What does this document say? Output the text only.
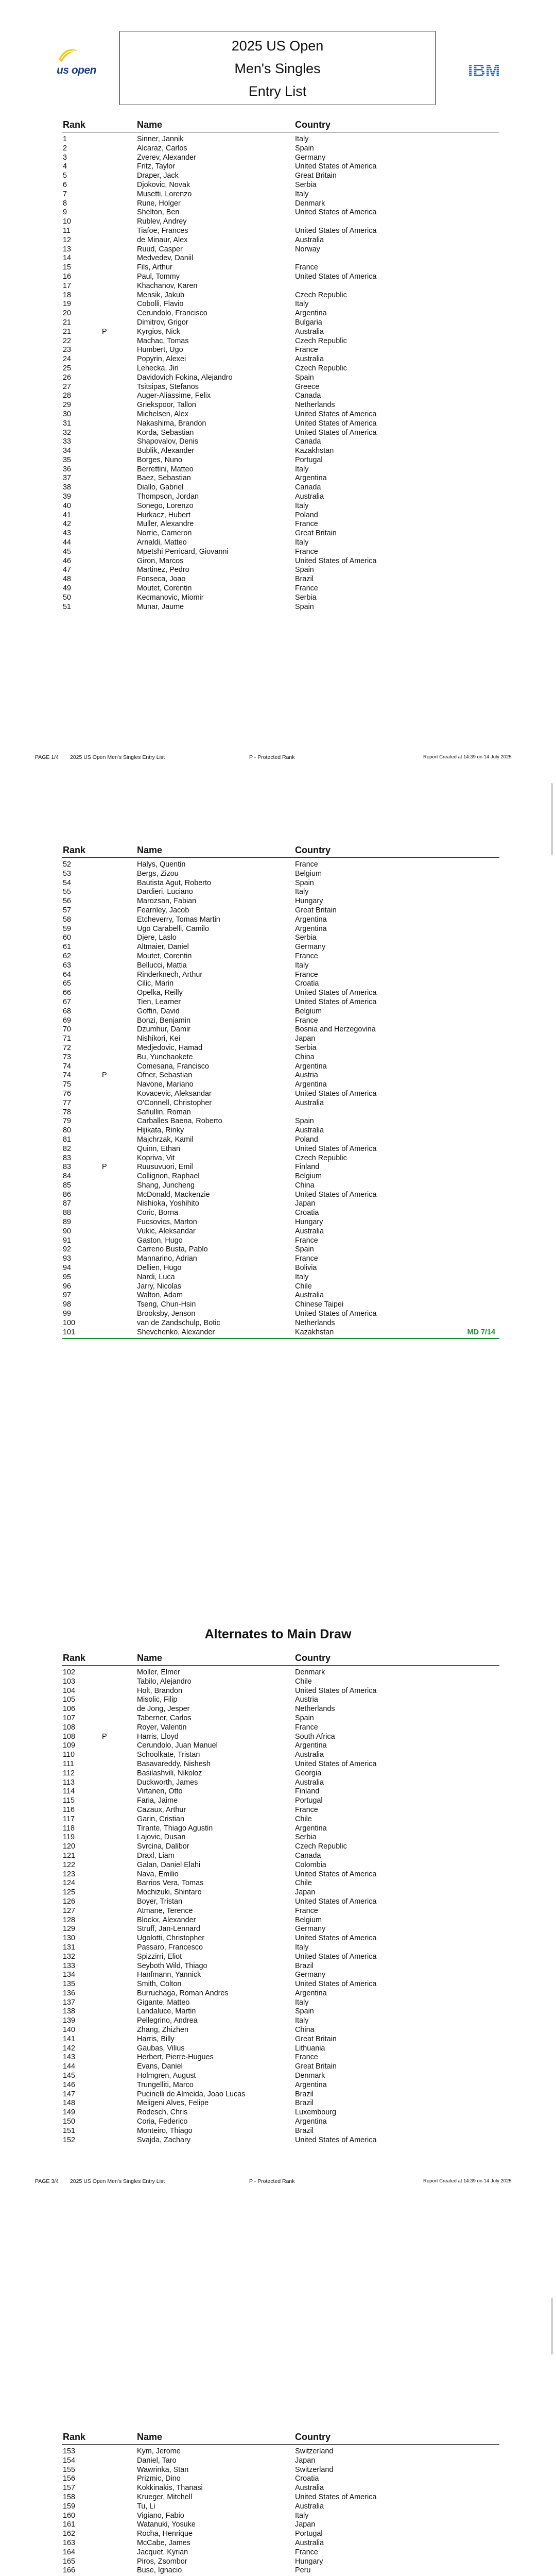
us open
2025 US Open
Men's Singles
Entry List
IBM
Rank	Name	Country
1	Sinner, Jannik	Italy
2	Alcaraz, Carlos	Spain
3	Zverev, Alexander	Germany
4	Fritz, Taylor	United States of America
5	Draper, Jack	Great Britain
6	Djokovic, Novak	Serbia
7	Musetti, Lorenzo	Italy
8	Rune, Holger	Denmark
9	Shelton, Ben	United States of America
10	Rublev, Andrey
11	Tiafoe, Frances	United States of America
12	de Minaur, Alex	Australia
13	Ruud, Casper	Norway
14	Medvedev, Daniil
15	Fils, Arthur	France
16	Paul, Tommy	United States of America
17	Khachanov, Karen
18	Mensik, Jakub	Czech Republic
19	Cobolli, Flavio	Italy
20	Cerundolo, Francisco	Argentina
21	Dimitrov, Grigor	Bulgaria
21	P	Kyrgios, Nick	Australia
22	Machac, Tomas	Czech Republic
23	Humbert, Ugo	France
24	Popyrin, Alexei	Australia
25	Lehecka, Jiri	Czech Republic
26	Davidovich Fokina, Alejandro	Spain
27	Tsitsipas, Stefanos	Greece
28	Auger-Aliassime, Felix	Canada
29	Griekspoor, Tallon	Netherlands
30	Michelsen, Alex	United States of America
31	Nakashima, Brandon	United States of America
32	Korda, Sebastian	United States of America
33	Shapovalov, Denis	Canada
34	Bublik, Alexander	Kazakhstan
35	Borges, Nuno	Portugal
36	Berrettini, Matteo	Italy
37	Baez, Sebastian	Argentina
38	Diallo, Gabriel	Canada
39	Thompson, Jordan	Australia
40	Sonego, Lorenzo	Italy
41	Hurkacz, Hubert	Poland
42	Muller, Alexandre	France
43	Norrie, Cameron	Great Britain
44	Arnaldi, Matteo	Italy
45	Mpetshi Perricard, Giovanni	France
46	Giron, Marcos	United States of America
47	Martinez, Pedro	Spain
48	Fonseca, Joao	Brazil
49	Moutet, Corentin	France
50	Kecmanovic, Miomir	Serbia
51	Munar, Jaume	Spain
PAGE 1/4 2025 US Open Men's Singles Entry List	P - Protected Rank	Report Created at 14:39 on 14 July 2025
Rank	Name	Country
52	Halys, Quentin	France
53	Bergs, Zizou	Belgium
54	Bautista Agut, Roberto	Spain
55	Dardieri, Luciano	Italy
56	Marozsan, Fabian	Hungary
57	Fearnley, Jacob	Great Britain
58	Etcheverry, Tomas Martin	Argentina
59	Ugo Carabelli, Camilo	Argentina
60	Djere, Laslo	Serbia
61	Altmaier, Daniel	Germany
62	Moutet, Corentin	France
63	Bellucci, Mattia	Italy
64	Rinderknech, Arthur	France
65	Cilic, Marin	Croatia
66	Opelka, Reilly	United States of America
67	Tien, Learner	United States of America
68	Goffin, David	Belgium
69	Bonzi, Benjamin	France
70	Dzumhur, Damir	Bosnia and Herzegovina
71	Nishikori, Kei	Japan
72	Medjedovic, Hamad	Serbia
73	Bu, Yunchaokete	China
74	Comesana, Francisco	Argentina
74	P	Ofner, Sebastian	Austria
75	Navone, Mariano	Argentina
76	Kovacevic, Aleksandar	United States of America
77	O'Connell, Christopher	Australia
78	Safiullin, Roman
79	Carballes Baena, Roberto	Spain
80	Hijikata, Rinky	Australia
81	Majchrzak, Kamil	Poland
82	Quinn, Ethan	United States of America
83	Kopriva, Vit	Czech Republic
83	P	Ruusuvuori, Emil	Finland
84	Collignon, Raphael	Belgium
85	Shang, Juncheng	China
86	McDonald, Mackenzie	United States of America
87	Nishioka, Yoshihito	Japan
88	Coric, Borna	Croatia
89	Fucsovics, Marton	Hungary
90	Vukic, Aleksandar	Australia
91	Gaston, Hugo	France
92	Carreno Busta, Pablo	Spain
93	Mannarino, Adrian	France
94	Dellien, Hugo	Bolivia
95	Nardi, Luca	Italy
96	Jarry, Nicolas	Chile
97	Walton, Adam	Australia
98	Tseng, Chun-Hsin	Chinese Taipei
99	Brooksby, Jenson	United States of America
100	van de Zandschulp, Botic	Netherlands
101	Shevchenko, Alexander	Kazakhstan	MD 7/14
Alternates to Main Draw
Rank	Name	Country
102	Moller, Elmer	Denmark
103	Tabilo, Alejandro	Chile
104	Holt, Brandon	United States of America
105	Misolic, Filip	Austria
106	de Jong, Jesper	Netherlands
107	Taberner, Carlos	Spain
108	Royer, Valentin	France
108	P	Harris, Lloyd	South Africa
109	Cerundolo, Juan Manuel	Argentina
110	Schoolkate, Tristan	Australia
111	Basavareddy, Nishesh	United States of America
112	Basilashvili, Nikoloz	Georgia
113	Duckworth, James	Australia
114	Virtanen, Otto	Finland
115	Faria, Jaime	Portugal
116	Cazaux, Arthur	France
117	Garin, Cristian	Chile
118	Tirante, Thiago Agustin	Argentina
119	Lajovic, Dusan	Serbia
120	Svrcina, Dalibor	Czech Republic
121	Draxl, Liam	Canada
122	Galan, Daniel Elahi	Colombia
123	Nava, Emilio	United States of America
124	Barrios Vera, Tomas	Chile
125	Mochizuki, Shintaro	Japan
126	Boyer, Tristan	United States of America
127	Atmane, Terence	France
128	Blockx, Alexander	Belgium
129	Struff, Jan-Lennard	Germany
130	Ugolotti, Christopher	United States of America
131	Passaro, Francesco	Italy
132	Spizzirri, Eliot	United States of America
133	Seyboth Wild, Thiago	Brazil
134	Hanfmann, Yannick	Germany
135	Smith, Colton	United States of America
136	Burruchaga, Roman Andres	Argentina
137	Gigante, Matteo	Italy
138	Landaluce, Martin	Spain
139	Pellegrino, Andrea	Italy
140	Zhang, Zhizhen	China
141	Harris, Billy	Great Britain
142	Gaubas, Vilius	Lithuania
143	Herbert, Pierre-Hugues	France
144	Evans, Daniel	Great Britain
145	Holmgren, August	Denmark
146	Trungelliti, Marco	Argentina
147	Pucinelli de Almeida, Joao Lucas	Brazil
148	Meligeni Alves, Felipe	Brazil
149	Rodesch, Chris	Luxembourg
150	Coria, Federico	Argentina
151	Monteiro, Thiago	Brazil
152	Svajda, Zachary	United States of America
PAGE 3/4 2025 US Open Men's Singles Entry List	P - Protected Rank	Report Created at 14:39 on 14 July 2025
Rank	Name	Country
153	Kym, Jerome	Switzerland
154	Daniel, Taro	Japan
155	Wawrinka, Stan	Switzerland
156	Prizmic, Dino	Croatia
157	Kokkinakis, Thanasi	Australia
158	Krueger, Mitchell	United States of America
159	Tu, Li	Australia
160	Vigiano, Fabio	Italy
161	Watanuki, Yosuke	Japan
162	Rocha, Henrique	Portugal
163	McCabe, James	Australia
164	Jacquet, Kyrian	France
165	Piros, Zsombor	Hungary
166	Buse, Ignacio	Peru
